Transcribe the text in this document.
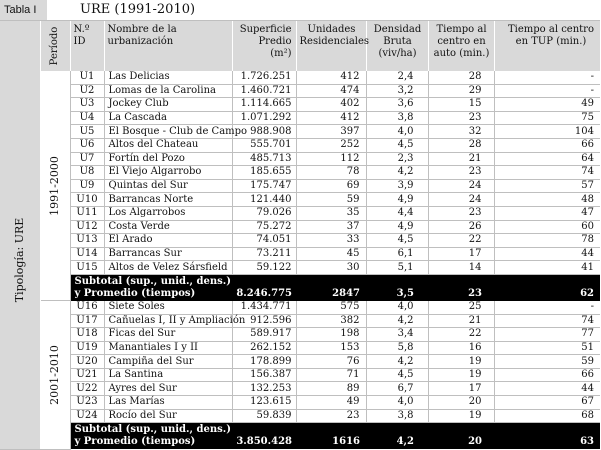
Tabla I	URE (1991-2010)

	Período	N.º ID	Nombre de la urbanización	Superficie Predio (m²)	Unidades Residenciales	Densidad Bruta (viv/ha)	Tiempo al centro en auto (min.)	Tiempo al centro en TUP (min.)

Tipología: URE	1991-2000	U1	Las Delicias	1.726.251	412	2,4	28	-
		U2	Lomas de la Carolina	1.460.721	474	3,2	29	-
		U3	Jockey Club	1.114.665	402	3,6	15	49
		U4	La Cascada	1.071.292	412	3,8	23	75
		U5	El Bosque - Club de Campo	988.908	397	4,0	32	104
		U6	Altos del Chateau	555.701	252	4,5	28	66
		U7	Fortín del Pozo	485.713	112	2,3	21	64
		U8	El Viejo Algarrobo	185.655	78	4,2	23	74
		U9	Quintas del Sur	175.747	69	3,9	24	57
		U10	Barrancas Norte	121.440	59	4,9	24	48
		U11	Los Algarrobos	79.026	35	4,4	23	47
		U12	Costa Verde	75.272	37	4,9	26	60
		U13	El Arado	74.051	33	4,5	22	78
		U14	Barrancas Sur	73.211	45	6,1	17	44
		U15	Altos de Velez Sársfield	59.122	30	5,1	14	41
		Subtotal (sup., unid., dens.) y Promedio (tiempos)		8.246.775	2847	3,5	23	62

	2001-2010	U16	Siete Soles	1.434.771	575	4,0	25	-
		U17	Cañuelas I, II y Ampliación	912.596	382	4,2	21	74
		U18	Ficas del Sur	589.917	198	3,4	22	77
		U19	Manantiales I y II	262.152	153	5,8	16	51
		U20	Campiña del Sur	178.899	76	4,2	19	59
		U21	La Santina	156.387	71	4,5	19	66
		U22	Ayres del Sur	132.253	89	6,7	17	44
		U23	Las Marías	123.615	49	4,0	20	67
		U24	Rocío del Sur	59.839	23	3,8	19	68
		Subtotal (sup., unid., dens.) y Promedio (tiempos)		3.850.428	1616	4,2	20	63
